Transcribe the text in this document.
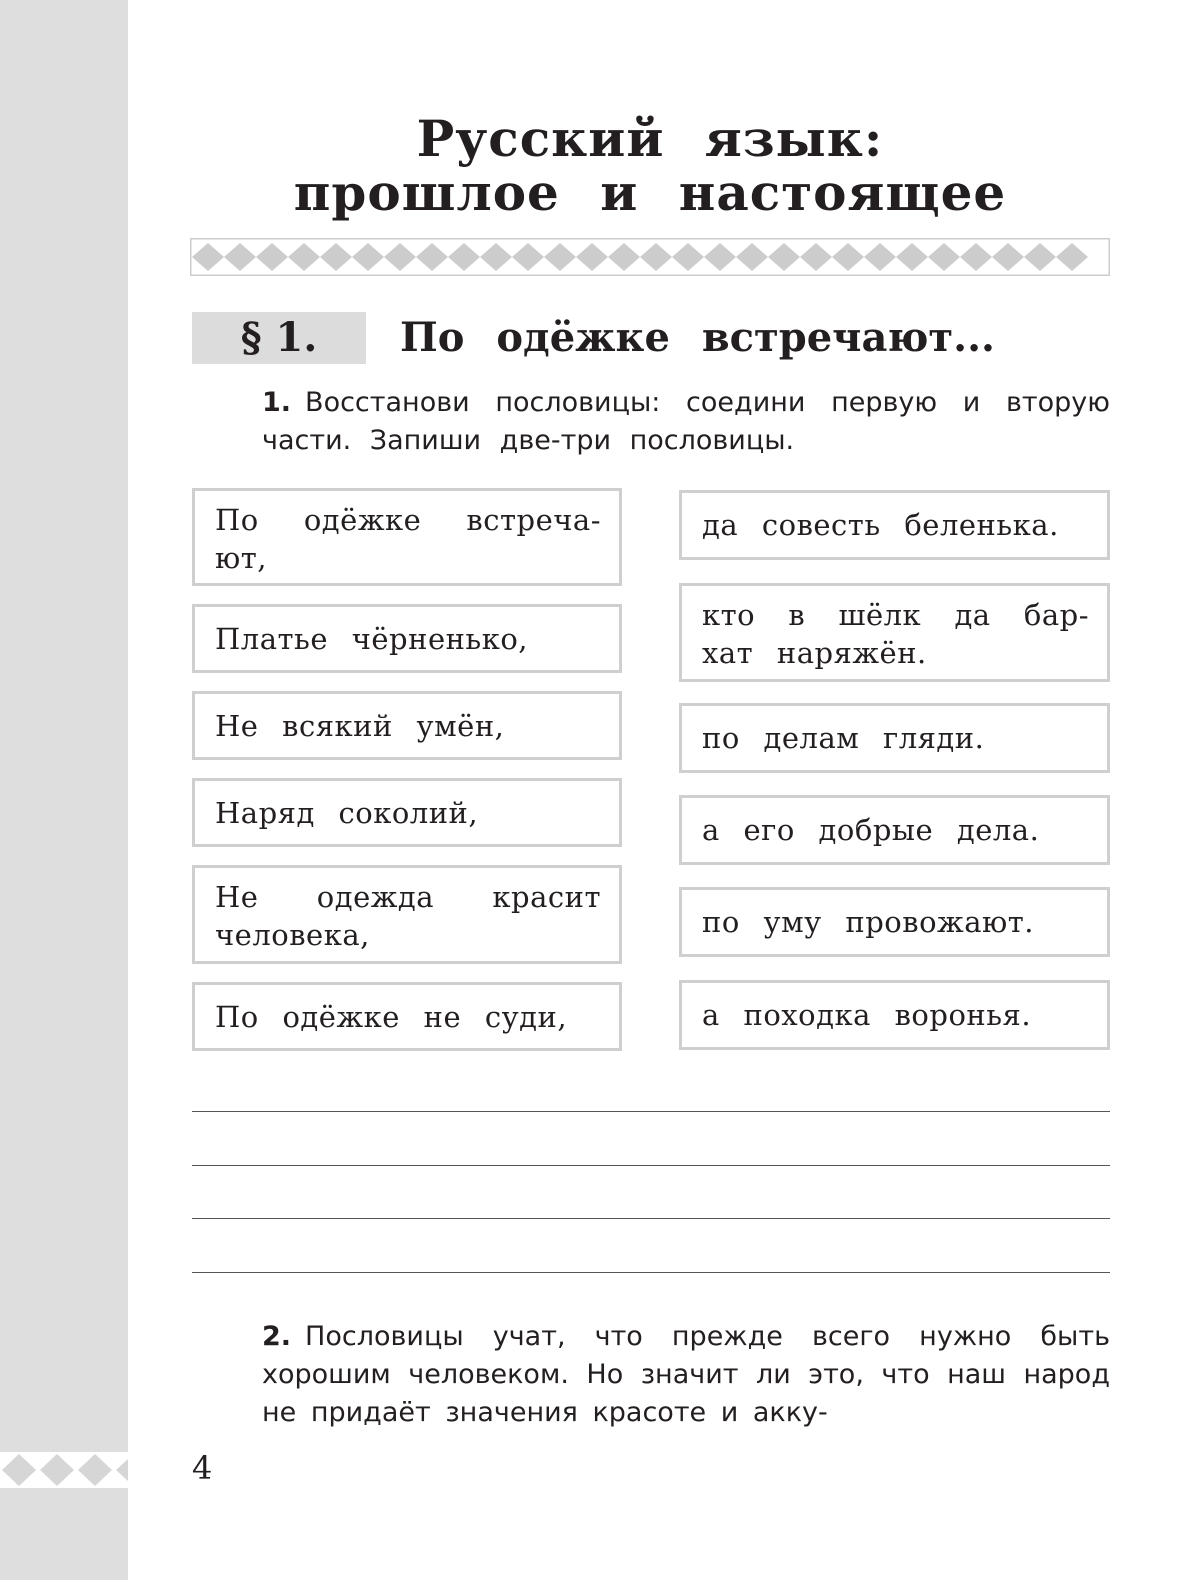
Русский язык:
прошлое и настоящее
§ 1.	По одёжке встречают...
1. Восстанови пословицы: соедини первую и вторую части. Запиши две-три пословицы.
По одёжке встреча-ют,
Платье чёрненько,
Не всякий умён,
Наряд соколий,
Не одежда красит человека,
По одёжке не суди,
да совесть беленька.
кто в шёлк да бар-хат наряжён.
по делам гляди.
а его добрые дела.
по уму провожают.
а походка воронья.
2. Пословицы учат, что прежде всего нужно быть хорошим человеком. Но значит ли это, что наш народ не придаёт значения красоте и акку-
4
